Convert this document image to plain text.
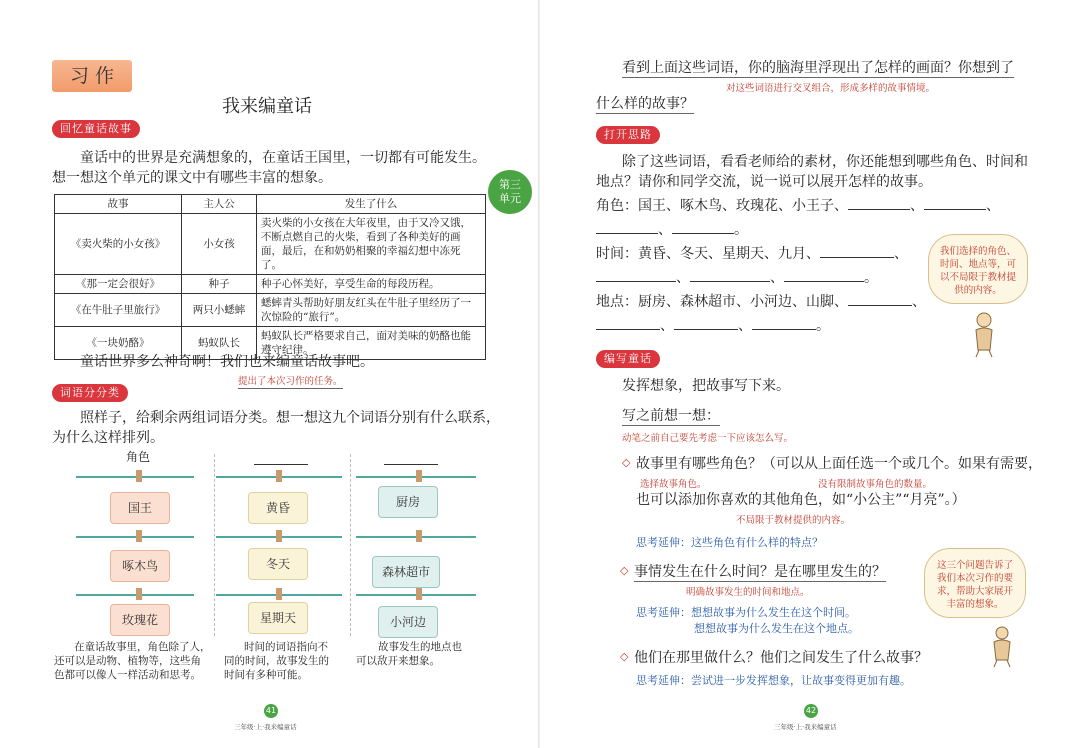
习 作
我来编童话
回忆童话故事
童话中的世界是充满想象的，在童话王国里，一切都有可能发生。
想一想这个单元的课文中有哪些丰富的想象。
故事	主人公	发生了什么
《卖火柴的小女孩》	小女孩	卖火柴的小女孩在大年夜里，由于又冷又饿，不断点燃自己的火柴，看到了各种美好的画面，最后，在和奶奶相聚的幸福幻想中冻死了。
《那一定会很好》	种子	种子心怀美好，享受生命的每段历程。
《在牛肚子里旅行》	两只小蟋蟀	蟋蟀青头帮助好朋友红头在牛肚子里经历了一次惊险的“旅行”。
《一块奶酪》	蚂蚁队长	蚂蚁队长严格要求自己，面对美味的奶酪也能遵守纪律。
童话世界多么神奇啊！我们也来编童话故事吧。
提出了本次习作的任务。
词语分分类
照样子，给剩余两组词语分类。想一想这九个词语分别有什么联系，
为什么这样排列。
角色
国王
啄木鸟
玫瑰花
黄昏
冬天
星期天
厨房
森林超市
小河边
在童话故事里，角色除了人，
还可以是动物、植物等，这些角
色都可以像人一样活动和思考。
时间的词语指向不
同的时间，故事发生的
时间有多种可能。
故事发生的地点也
可以敌开来想象。
41
三年级·上·我来编童话
第三
单元
看到上面这些词语，你的脑海里浮现出了怎样的画面？你想到了
对这些词语进行交叉组合，形成多样的故事情境。
什么样的故事？
打开思路
除了这些词语，看看老师给的素材，你还能想到哪些角色、时间和
地点？请你和同学交流，说一说可以展开怎样的故事。
角色：国王、啄木鸟、玫瑰花、小王子、	、	、
、	。
时间：黄昏、冬天、星期天、九月、	、
、	、	。
地点：厨房、森林超市、小河边、山脚、	、
、	、	。
我们选择的角色、时间、地点等，可以不局限于教材提供的内容。
编写童话
发挥想象，把故事写下来。
写之前想一想：
动笔之前自己要先考虑一下应该怎么写。
◇ 故事里有哪些角色？（可以从上面任选一个或几个。如果有需要，
选择故事角色。	没有限制故事角色的数量。
也可以添加你喜欢的其他角色，如“小公主”“月亮”。）
不局限于教材提供的内容。
思考延伸：这些角色有什么样的特点？
◇ 事情发生在什么时间？是在哪里发生的？
明确故事发生的时间和地点。
思考延伸：想想故事为什么发生在这个时间。
想想故事为什么发生在这个地点。
这三个问题告诉了我们本次习作的要求，帮助大家展开丰富的想象。
◇ 他们在那里做什么？他们之间发生了什么故事？
思考延伸：尝试进一步发挥想象，让故事变得更加有趣。
42
三年级·上·我来编童话
